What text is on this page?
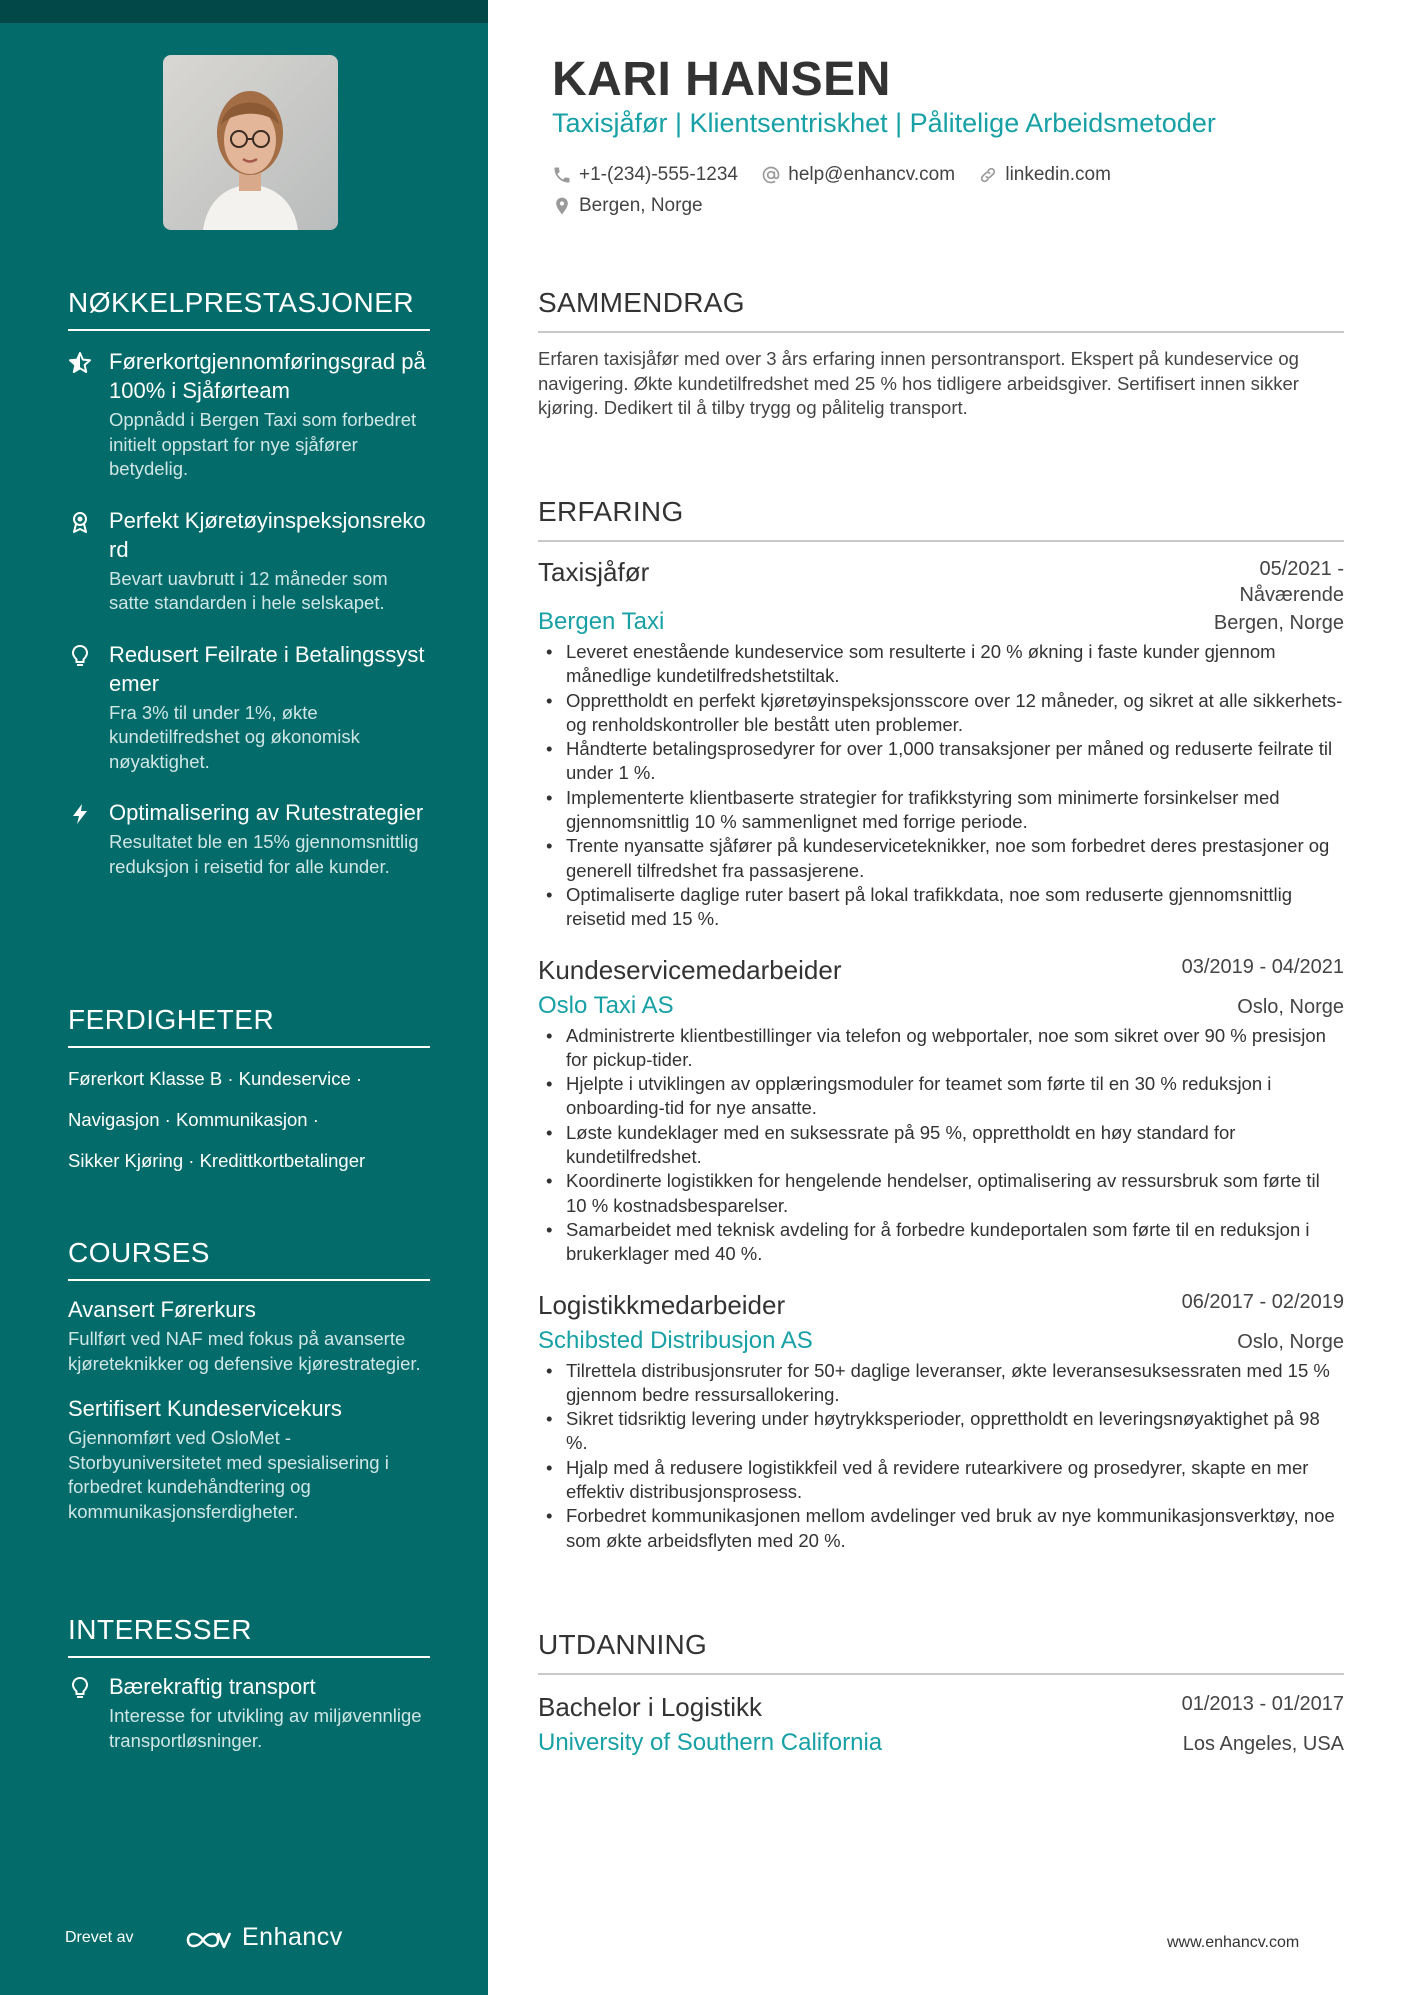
NØKKELPRESTASJONER
Førerkortgjennomføringsgrad på 100% i Sjåførteam
Oppnådd i Bergen Taxi som forbedret initielt oppstart for nye sjåfører betydelig.
Perfekt Kjøretøyinspeksjonsrekord
Bevart uavbrutt i 12 måneder som satte standarden i hele selskapet.
Redusert Feilrate i Betalingssystemer
Fra 3% til under 1%, økte kundetilfredshet og økonomisk nøyaktighet.
Optimalisering av Rutestrategier
Resultatet ble en 15% gjennomsnittlig reduksjon i reisetid for alle kunder.
FERDIGHETER
Førerkort Klasse B · Kundeservice ·
Navigasjon · Kommunikasjon ·
Sikker Kjøring · Kredittkortbetalinger
COURSES
Avansert Førerkurs
Fullført ved NAF med fokus på avanserte kjøreteknikker og defensive kjørestrategier.
Sertifisert Kundeservicekurs
Gjennomført ved OsloMet - Storbyuniversitetet med spesialisering i forbedret kundehåndtering og kommunikasjonsferdigheter.
INTERESSER
Bærekraftig transport
Interesse for utvikling av miljøvennlige transportløsninger.
Drevet av	Enhancv
KARI HANSEN
Taxisjåfør | Klientsentriskhet | Pålitelige Arbeidsmetoder
+1-(234)-555-1234
	help@enhancv.com
	linkedin.com
Bergen, Norge
SAMMENDRAG
Erfaren taxisjåfør med over 3 års erfaring innen persontransport. Ekspert på kundeservice og navigering. Økte kundetilfredshet med 25 % hos tidligere arbeidsgiver. Sertifisert innen sikker kjøring. Dedikert til å tilby trygg og pålitelig transport.
ERFARING
Taxisjåfør	05/2021 -
Nåværende
Bergen Taxi	Bergen, Norge
• Leveret enestående kundeservice som resulterte i 20 % økning i faste kunder gjennom månedlige kundetilfredshetstiltak.
• Opprettholdt en perfekt kjøretøyinspeksjonsscore over 12 måneder, og sikret at alle sikkerhets- og renholdskontroller ble bestått uten problemer.
• Håndterte betalingsprosedyrer for over 1,000 transaksjoner per måned og reduserte feilrate til under 1 %.
• Implementerte klientbaserte strategier for trafikkstyring som minimerte forsinkelser med gjennomsnittlig 10 % sammenlignet med forrige periode.
• Trente nyansatte sjåfører på kundeserviceteknikker, noe som forbedret deres prestasjoner og generell tilfredshet fra passasjerene.
• Optimaliserte daglige ruter basert på lokal trafikkdata, noe som reduserte gjennomsnittlig reisetid med 15 %.
Kundeservicemedarbeider	03/2019 - 04/2021
Oslo Taxi AS	Oslo, Norge
• Administrerte klientbestillinger via telefon og webportaler, noe som sikret over 90 % presisjon for pickup-tider.
• Hjelpte i utviklingen av opplæringsmoduler for teamet som førte til en 30 % reduksjon i onboarding-tid for nye ansatte.
• Løste kundeklager med en suksessrate på 95 %, opprettholdt en høy standard for kundetilfredshet.
• Koordinerte logistikken for hengelende hendelser, optimalisering av ressursbruk som førte til 10 % kostnadsbesparelser.
• Samarbeidet med teknisk avdeling for å forbedre kundeportalen som førte til en reduksjon i brukerklager med 40 %.
Logistikkmedarbeider	06/2017 - 02/2019
Schibsted Distribusjon AS	Oslo, Norge
• Tilrettela distribusjonsruter for 50+ daglige leveranser, økte leveransesuksessraten med 15 % gjennom bedre ressursallokering.
• Sikret tidsriktig levering under høytrykksperioder, opprettholdt en leveringsnøyaktighet på 98 %.
• Hjalp med å redusere logistikkfeil ved å revidere rutearkivere og prosedyrer, skapte en mer effektiv distribusjonsprosess.
• Forbedret kommunikasjonen mellom avdelinger ved bruk av nye kommunikasjonsverktøy, noe som økte arbeidsflyten med 20 %.
UTDANNING
Bachelor i Logistikk	01/2013 - 01/2017
University of Southern California	Los Angeles, USA
www.enhancv.com
